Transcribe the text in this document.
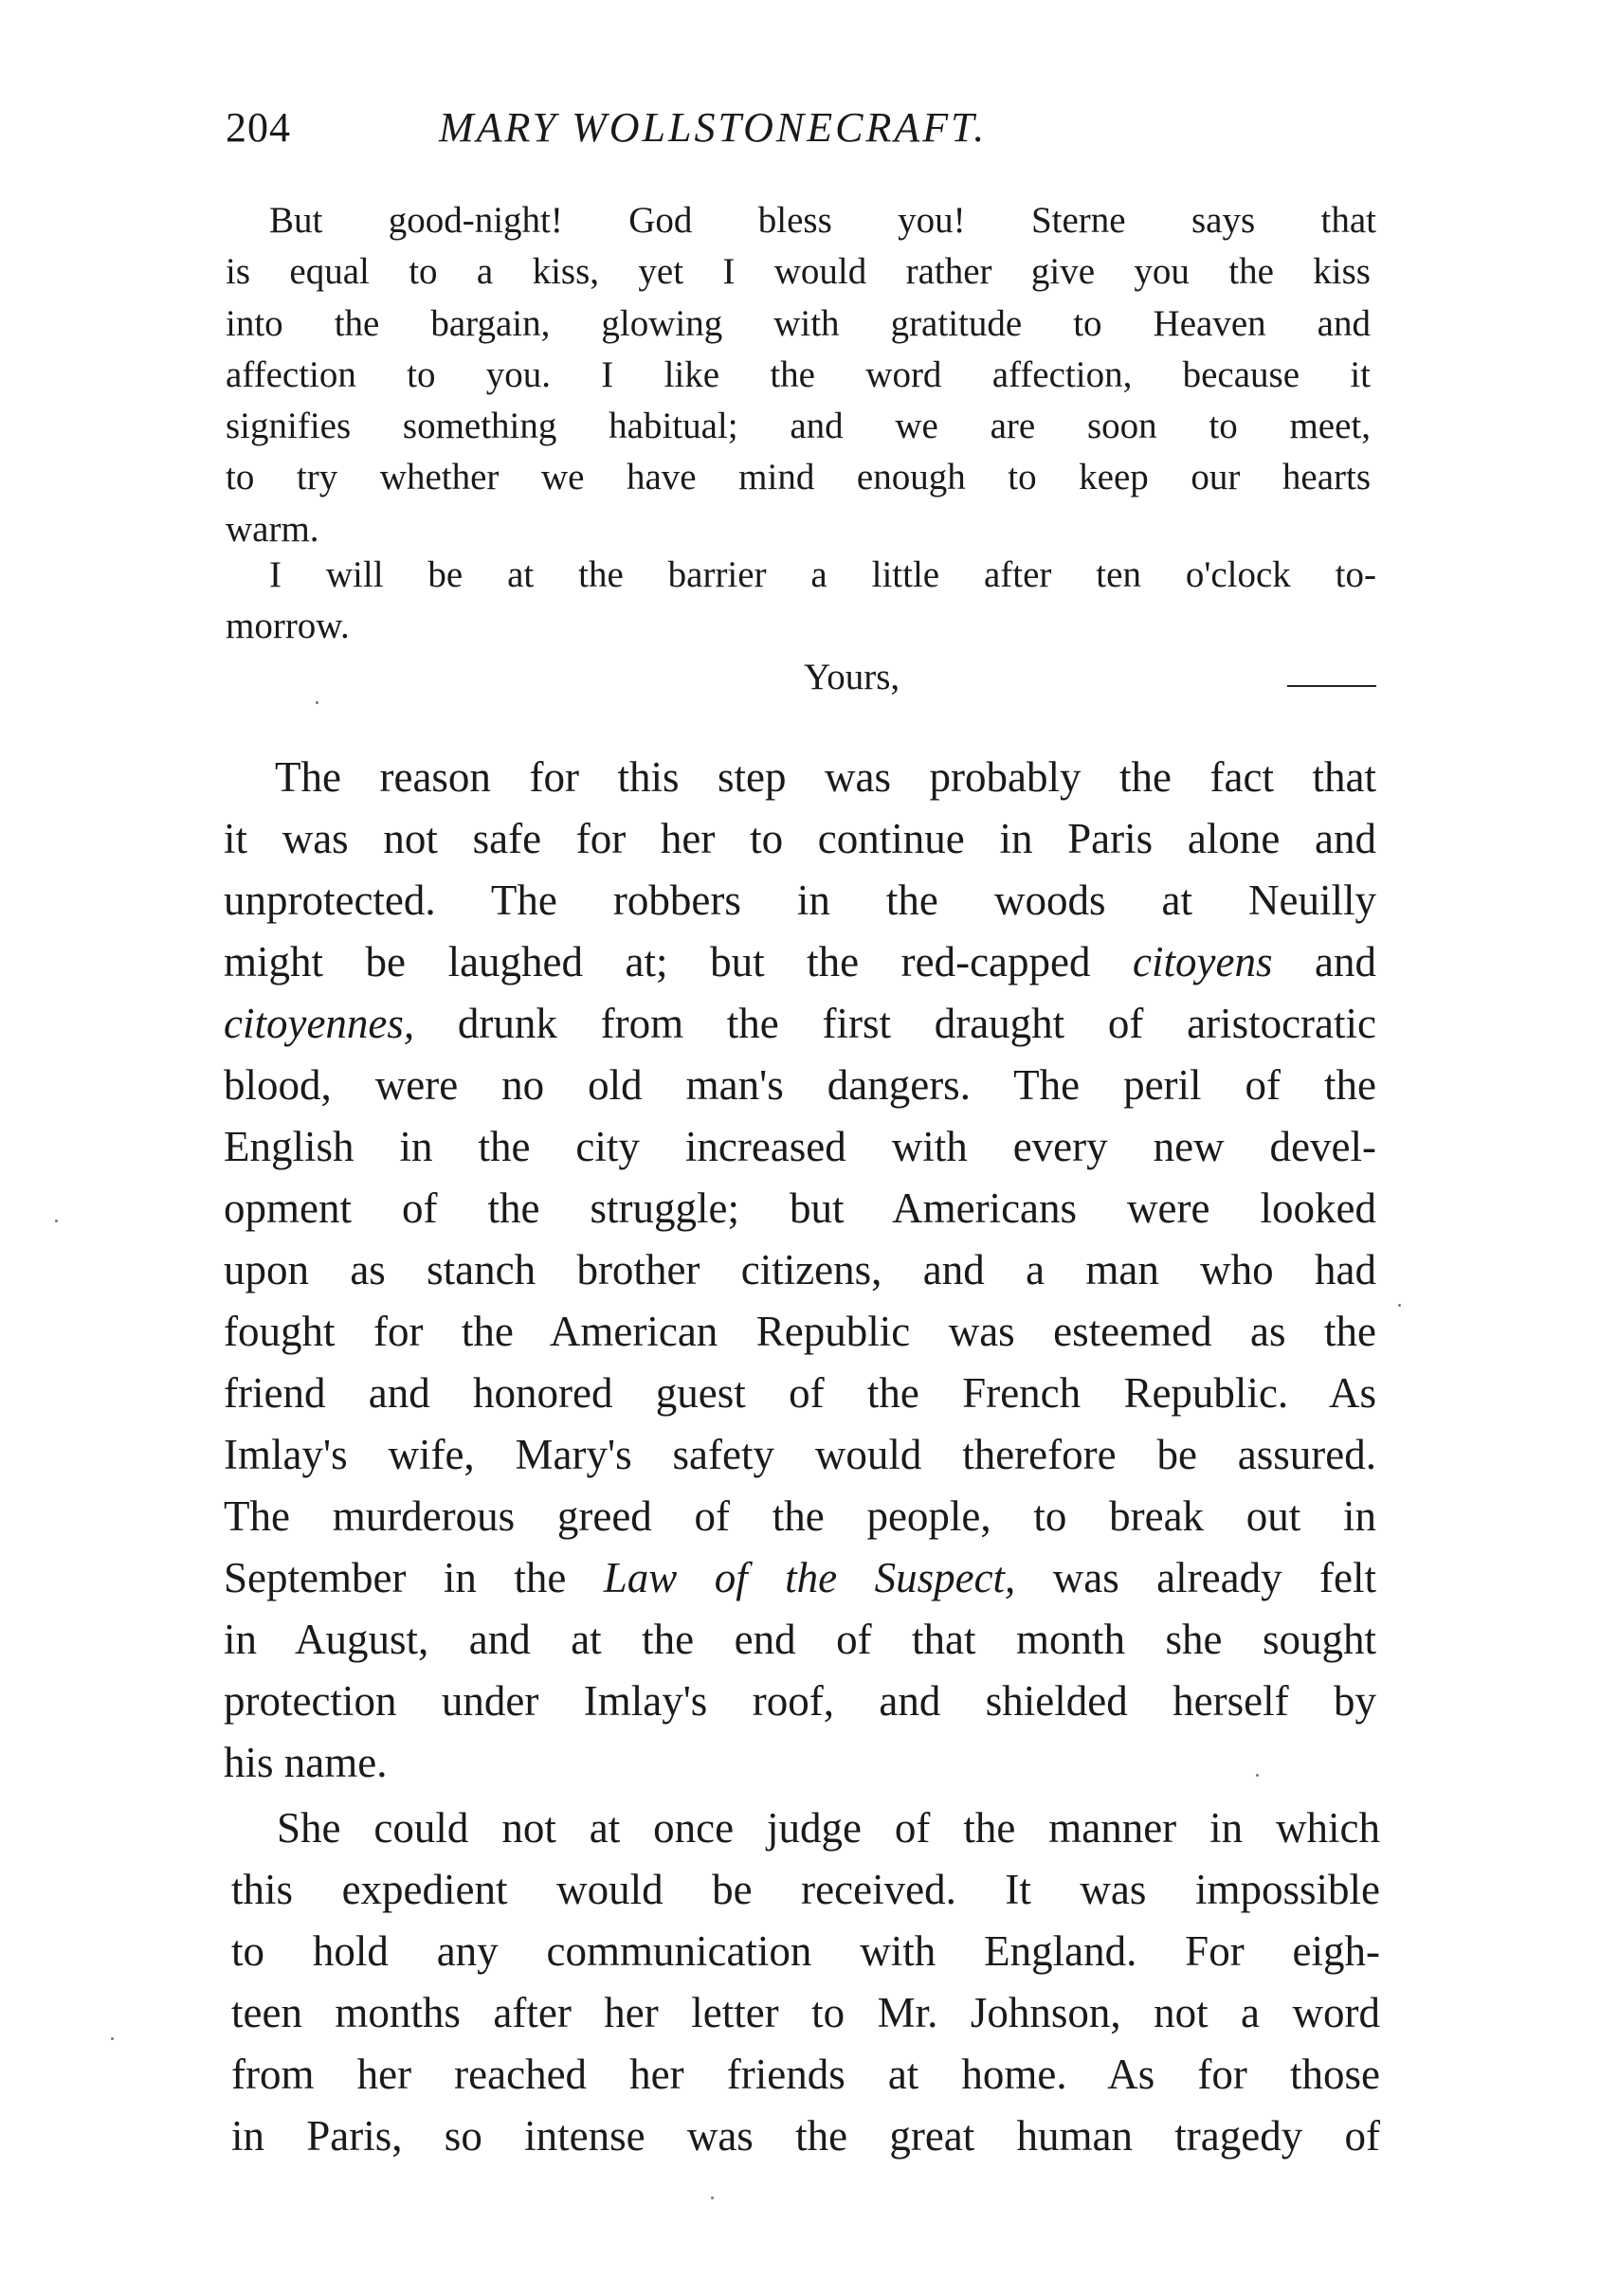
204	MARY WOLLSTONECRAFT.
But good-night! God bless you! Sterne says that
is equal to a kiss, yet I would rather give you the kiss
into the bargain, glowing with gratitude to Heaven and
affection to you. I like the word affection, because it
signifies something habitual; and we are soon to meet,
to try whether we have mind enough to keep our hearts
warm.
I will be at the barrier a little after ten o'clock to-
morrow.
Yours,
The reason for this step was probably the fact that
it was not safe for her to continue in Paris alone and
unprotected. The robbers in the woods at Neuilly
might be laughed at; but the red-capped citoyens and
citoyennes, drunk from the first draught of aristocratic
blood, were no old man's dangers. The peril of the
English in the city increased with every new devel-
opment of the struggle; but Americans were looked
upon as stanch brother citizens, and a man who had
fought for the American Republic was esteemed as the
friend and honored guest of the French Republic. As
Imlay's wife, Mary's safety would therefore be assured.
The murderous greed of the people, to break out in
September in the Law of the Suspect, was already felt
in August, and at the end of that month she sought
protection under Imlay's roof, and shielded herself by
his name.
She could not at once judge of the manner in which
this expedient would be received. It was impossible
to hold any communication with England. For eigh-
teen months after her letter to Mr. Johnson, not a word
from her reached her friends at home. As for those
in Paris, so intense was the great human tragedy of
